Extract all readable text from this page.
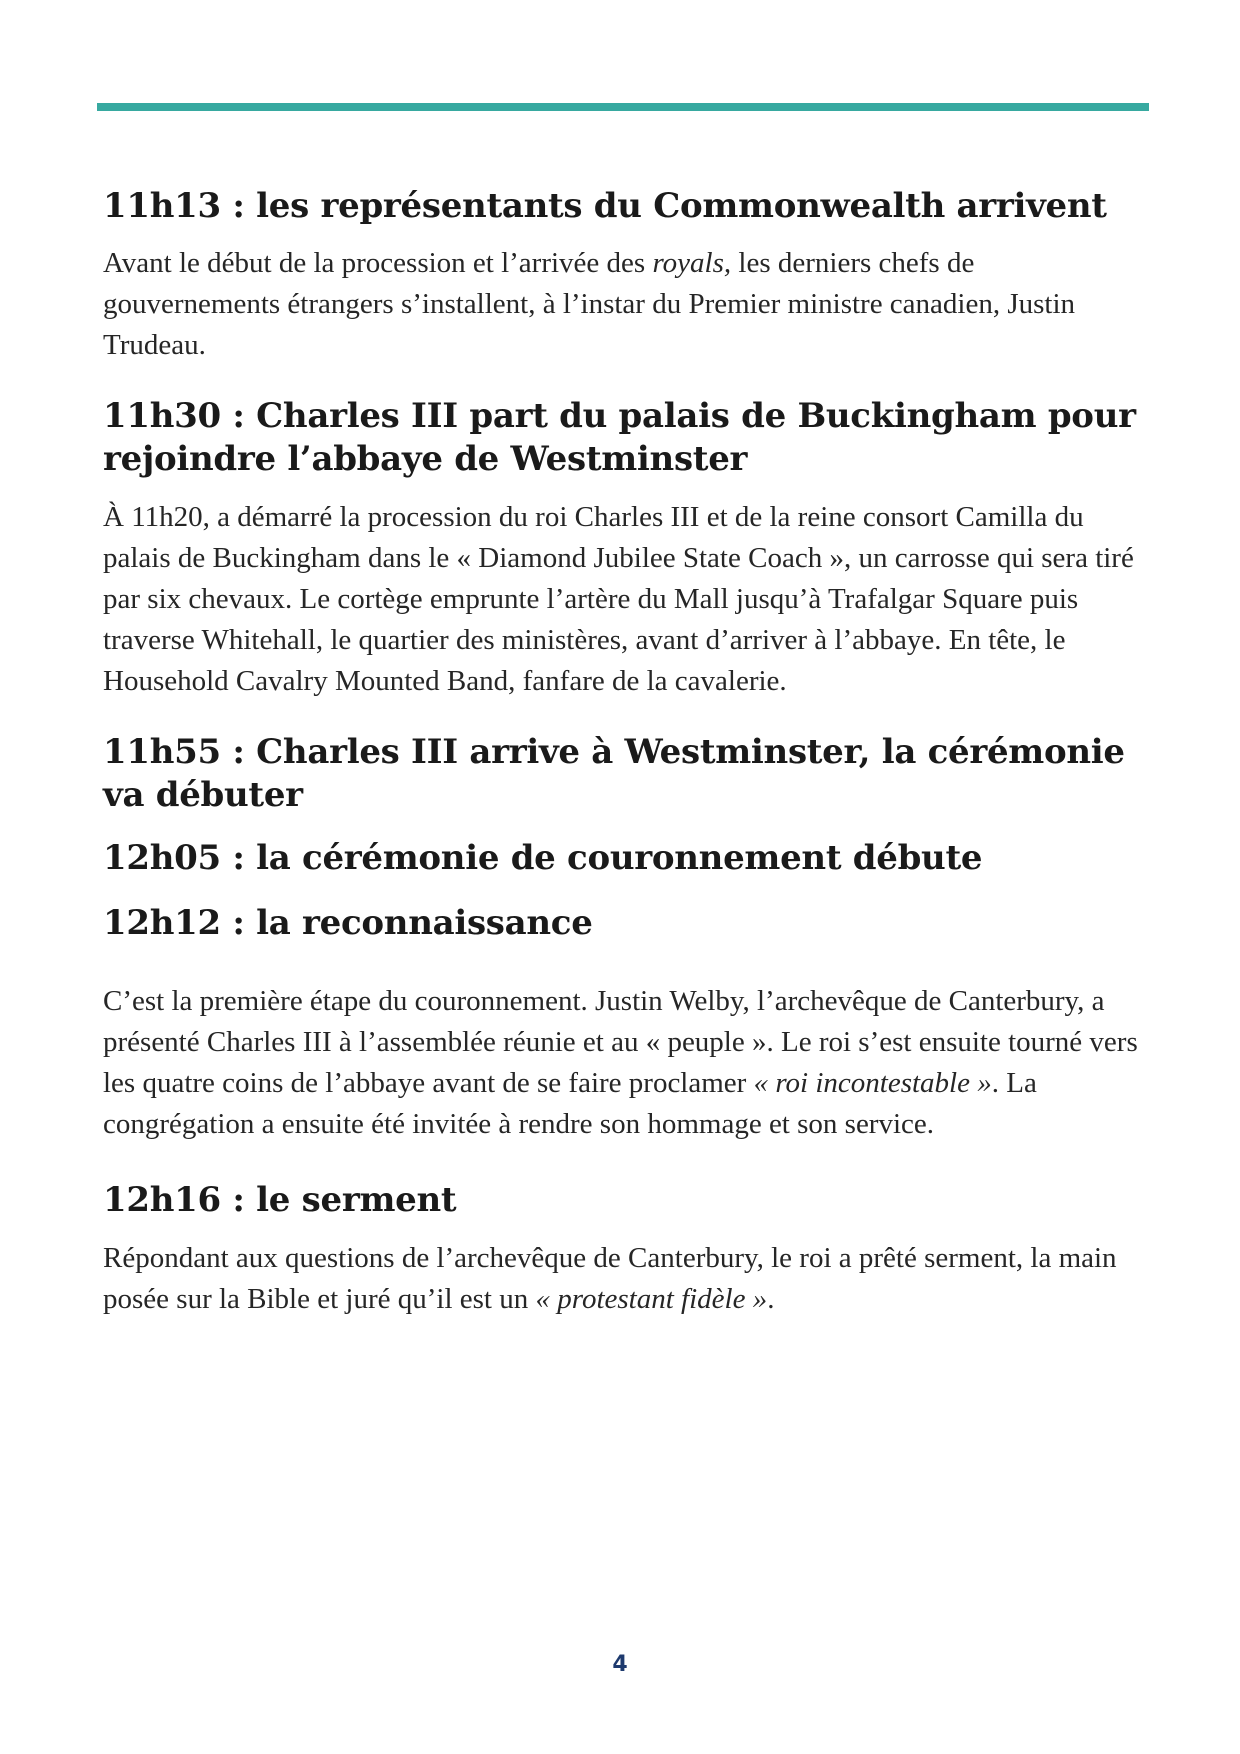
11h13 : les représentants du Commonwealth arrivent

Avant le début de la procession et l’arrivée des royals, les derniers chefs de gouvernements étrangers s’installent, à l’instar du Premier ministre canadien, Justin Trudeau.

11h30 : Charles III part du palais de Buckingham pour rejoindre l’abbaye de Westminster

À 11h20, a démarré la procession du roi Charles III et de la reine consort Camilla du palais de Buckingham dans le « Diamond Jubilee State Coach », un carrosse qui sera tiré par six chevaux. Le cortège emprunte l’artère du Mall jusqu’à Trafalgar Square puis traverse Whitehall, le quartier des ministères, avant d’arriver à l’abbaye. En tête, le Household Cavalry Mounted Band, fanfare de la cavalerie.

11h55 : Charles III arrive à Westminster, la cérémonie va débuter
12h05 : la cérémonie de couronnement débute
12h12 : la reconnaissance

C’est la première étape du couronnement. Justin Welby, l’archevêque de Canterbury, a présenté Charles III à l’assemblée réunie et au « peuple ». Le roi s’est ensuite tourné vers les quatre coins de l’abbaye avant de se faire proclamer « roi incontestable ». La congrégation a ensuite été invitée à rendre son hommage et son service.

12h16 : le serment

Répondant aux questions de l’archevêque de Canterbury, le roi a prêté serment, la main posée sur la Bible et juré qu’il est un « protestant fidèle ».

4
